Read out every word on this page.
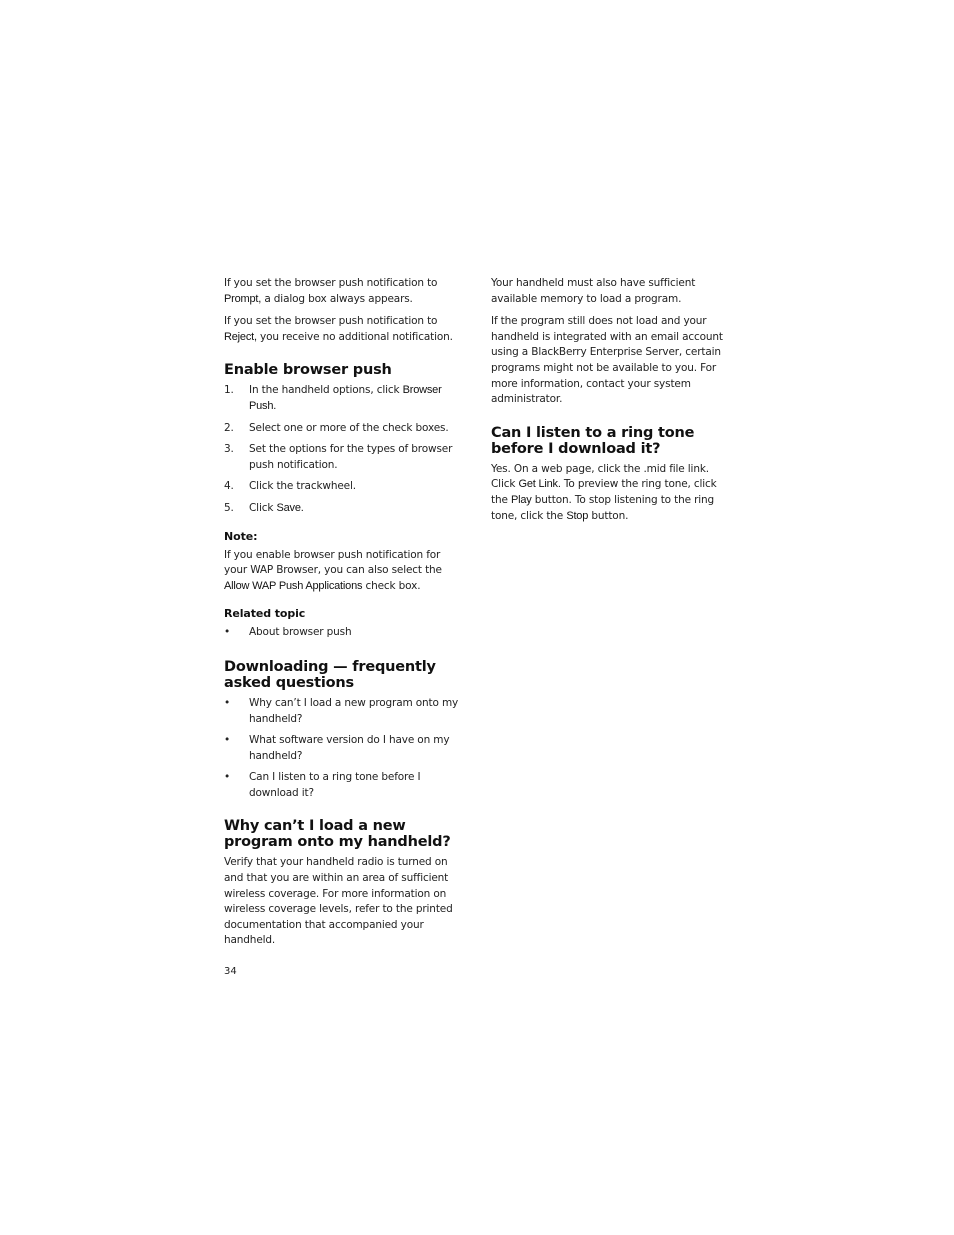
If you set the browser push notification to Prompt, a dialog box always appears.

If you set the browser push notification to Reject, you receive no additional notification.

Enable browser push
1. In the handheld options, click Browser Push.
2. Select one or more of the check boxes.
3. Set the options for the types of browser push notification.
4. Click the trackwheel.
5. Click Save.
Note:

If you enable browser push notification for your WAP Browser, you can also select the Allow WAP Push Applications check box.

Related topic
• About browser push
Downloading — frequently asked questions
• Why can’t I load a new program onto my handheld?
• What software version do I have on my handheld?
• Can I listen to a ring tone before I download it?
Why can’t I load a new program onto my handheld?

Verify that your handheld radio is turned on and that you are within an area of sufficient wireless coverage. For more information on wireless coverage levels, refer to the printed documentation that accompanied your handheld.

Your handheld must also have sufficient available memory to load a program.

If the program still does not load and your handheld is integrated with an email account using a BlackBerry Enterprise Server, certain programs might not be available to you. For more information, contact your system administrator.

Can I listen to a ring tone before I download it?

Yes. On a web page, click the .mid file link. Click Get Link. To preview the ring tone, click the Play button. To stop listening to the ring tone, click the Stop button.

34
